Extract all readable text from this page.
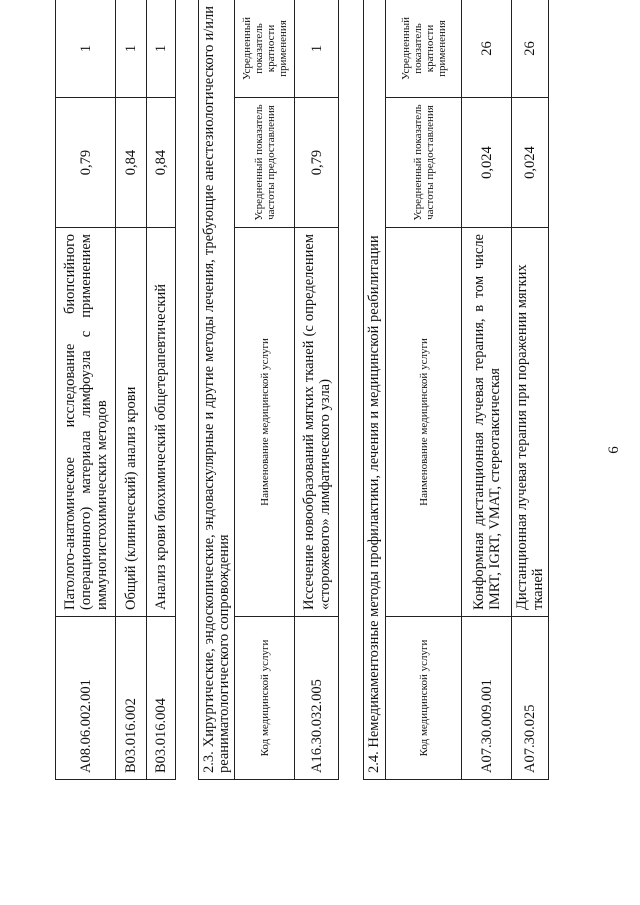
6
A08.06.002.001	Патолого-анатомическое исследование биопсийного (операционного) материала лимфоузла с применением иммуногистохимических методов	0,79	1
B03.016.002	Общий (клинический) анализ крови	0,84	1
B03.016.004	Анализ крови биохимический общетерапевтический	0,84	1 2.3. Хирургические, эндоскопические, эндоваскулярные и другие методы лечения, требующие анестезиологического и/или реаниматологического сопровождения			
Код медицинской услуги	Наименование медицинской услуги	Усредненный показатель частоты предоставления	Усредненный показатель кратности применения
A16.30.032.005	Иссечение новообразований мягких тканей (с определением «сторожевого» лимфатического узла)	0,79	1
2.4. Немедикаментозные методы профилактики, лечения и медицинской реабилитации			
Код медицинской услуги	Наименование медицинской услуги	Усредненный показатель частоты предоставления	Усредненный показатель кратности применения
A07.30.009.001	Конформная дистанционная лучевая терапия, в том числе IMRT, IGRT, VMAT, стереотаксическая	0,024	26
A07.30.025	Дистанционная лучевая терапия при поражении мягких тканей	0,024	26
